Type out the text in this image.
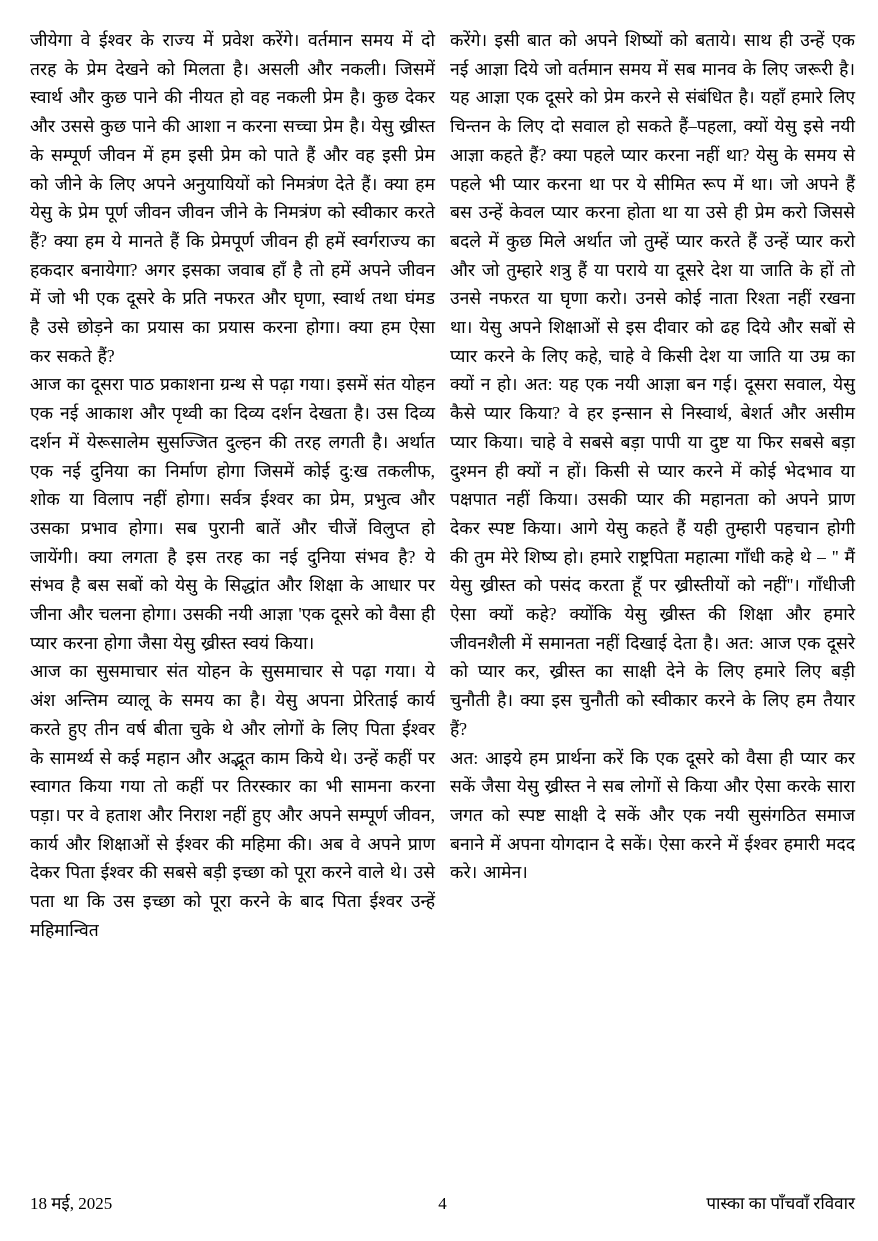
जीयेगा वे ईश्वर के राज्य में प्रवेश करेंगे। वर्तमान समय में दो तरह के प्रेम देखने को मिलता है। असली और नकली। जिसमें स्वार्थ और कुछ पाने की नीयत हो वह नकली प्रेम है। कुछ देकर और उससे कुछ पाने की आशा न करना सच्चा प्रेम है। येसु ख्रीस्त के सम्पूर्ण जीवन में हम इसी प्रेम को पाते हैं और वह इसी प्रेम को जीने के लिए अपने अनुयायियों को निमत्रंण देते हैं। क्या हम येसु के प्रेम पूर्ण जीवन जीवन जीने के निमत्रंण को स्वीकार करते हैं? क्या हम ये मानते हैं कि प्रेमपूर्ण जीवन ही हमें स्वर्गराज्य का हकदार बनायेगा? अगर इसका जवाब हाँ है तो हमें अपने जीवन में जो भी एक दूसरे के प्रति नफरत और घृणा, स्वार्थ तथा घंमड है उसे छोड़ने का प्रयास का प्रयास करना होगा। क्या हम ऐसा कर सकते हैं?

आज का दूसरा पाठ प्रकाशना ग्रन्थ से पढ़ा गया। इसमें संत योहन एक नई आकाश और पृथ्वी का दिव्य दर्शन देखता है। उस दिव्य दर्शन में येरूसालेम सुसज्जित दुल्हन की तरह लगती है। अर्थात एक नई दुनिया का निर्माण होगा जिसमें कोई दु:ख तकलीफ, शोक या विलाप नहीं होगा। सर्वत्र ईश्वर का प्रेम, प्रभुत्व और उसका प्रभाव होगा। सब पुरानी बातें और चीजें विलुप्त हो जायेंगी। क्या लगता है इस तरह का नई दुनिया संभव है? ये संभव है बस सबों को येसु के सिद्धांत और शिक्षा के आधार पर जीना और चलना होगा। उसकी नयी आज्ञा 'एक दूसरे को वैसा ही प्यार करना होगा जैसा येसु ख्रीस्त स्वयं किया।

आज का सुसमाचार संत योहन के सुसमाचार से पढ़ा गया। ये अंश अन्तिम व्यालू के समय का है। येसु अपना प्रेरिताई कार्य करते हुए तीन वर्ष बीता चुके थे और लोगों के लिए पिता ईश्वर के सामर्थ्य से कई महान और अद्भूत काम किये थे। उन्हें कहीं पर स्वागत किया गया तो कहीं पर तिरस्कार का भी सामना करना पड़ा। पर वे हताश और निराश नहीं हुए और अपने सम्पूर्ण जीवन, कार्य और शिक्षाओं से ईश्वर की महिमा की। अब वे अपने प्राण देकर पिता ईश्वर की सबसे बड़ी इच्छा को पूरा करने वाले थे। उसे पता था कि उस इच्छा को पूरा करने के बाद पिता ईश्वर उन्हें महिमान्वित

करेंगे। इसी बात को अपने शिष्यों को बताये। साथ ही उन्हें एक नई आज्ञा दिये जो वर्तमान समय में सब मानव के लिए जरूरी है। यह आज्ञा एक दूसरे को प्रेम करने से संबंधित है। यहाँ हमारे लिए चिन्तन के लिए दो सवाल हो सकते हैं–पहला, क्यों येसु इसे नयी आज्ञा कहते हैं? क्या पहले प्यार करना नहीं था? येसु के समय से पहले भी प्यार करना था पर ये सीमित रूप में था। जो अपने हैं बस उन्हें केवल प्यार करना होता था या उसे ही प्रेम करो जिससे बदले में कुछ मिले अर्थात जो तुम्हें प्यार करते हैं उन्हें प्यार करो और जो तुम्हारे शत्रु हैं या पराये या दूसरे देश या जाति के हों तो उनसे नफरत या घृणा करो। उनसे कोई नाता रिश्ता नहीं रखना था। येसु अपने शिक्षाओं से इस दीवार को ढह दिये और सबों से प्यार करने के लिए कहे, चाहे वे किसी देश या जाति या उम्र का क्यों न हो। अत: यह एक नयी आज्ञा बन गई। दूसरा सवाल, येसु कैसे प्यार किया? वे हर इन्सान से निस्वार्थ, बेशर्त और असीम प्यार किया। चाहे वे सबसे बड़ा पापी या दुष्ट या फिर सबसे बड़ा दुश्मन ही क्यों न हों। किसी से प्यार करने में कोई भेदभाव या पक्षपात नहीं किया। उसकी प्यार की महानता को अपने प्राण देकर स्पष्ट किया। आगे येसु कहते हैं यही तुम्हारी पहचान होगी की तुम मेरे शिष्य हो। हमारे राष्ट्रपिता महात्मा गाँधी कहे थे – '' मैं येसु ख्रीस्त को पसंद करता हूँ पर ख्रीस्तीयों को नहीं''। गाँधीजी ऐसा क्यों कहे? क्योंकि येसु ख्रीस्त की शिक्षा और हमारे जीवनशैली में समानता नहीं दिखाई देता है। अत: आज एक दूसरे को प्यार कर, ख्रीस्त का साक्षी देने के लिए हमारे लिए बड़ी चुनौती है। क्या इस चुनौती को स्वीकार करने के लिए हम तैयार हैं?

अत: आइये हम प्रार्थना करें कि एक दूसरे को वैसा ही प्यार कर सकें जैसा येसु ख्रीस्त ने सब लोगों से किया और ऐसा करके सारा जगत को स्पष्ट साक्षी दे सकें और एक नयी सुसंगठित समाज बनाने में अपना योगदान दे सकें। ऐसा करने में ईश्वर हमारी मदद करे। आमेन।

18 मई, 2025	4	पास्का का पाँचवाँ रविवार
